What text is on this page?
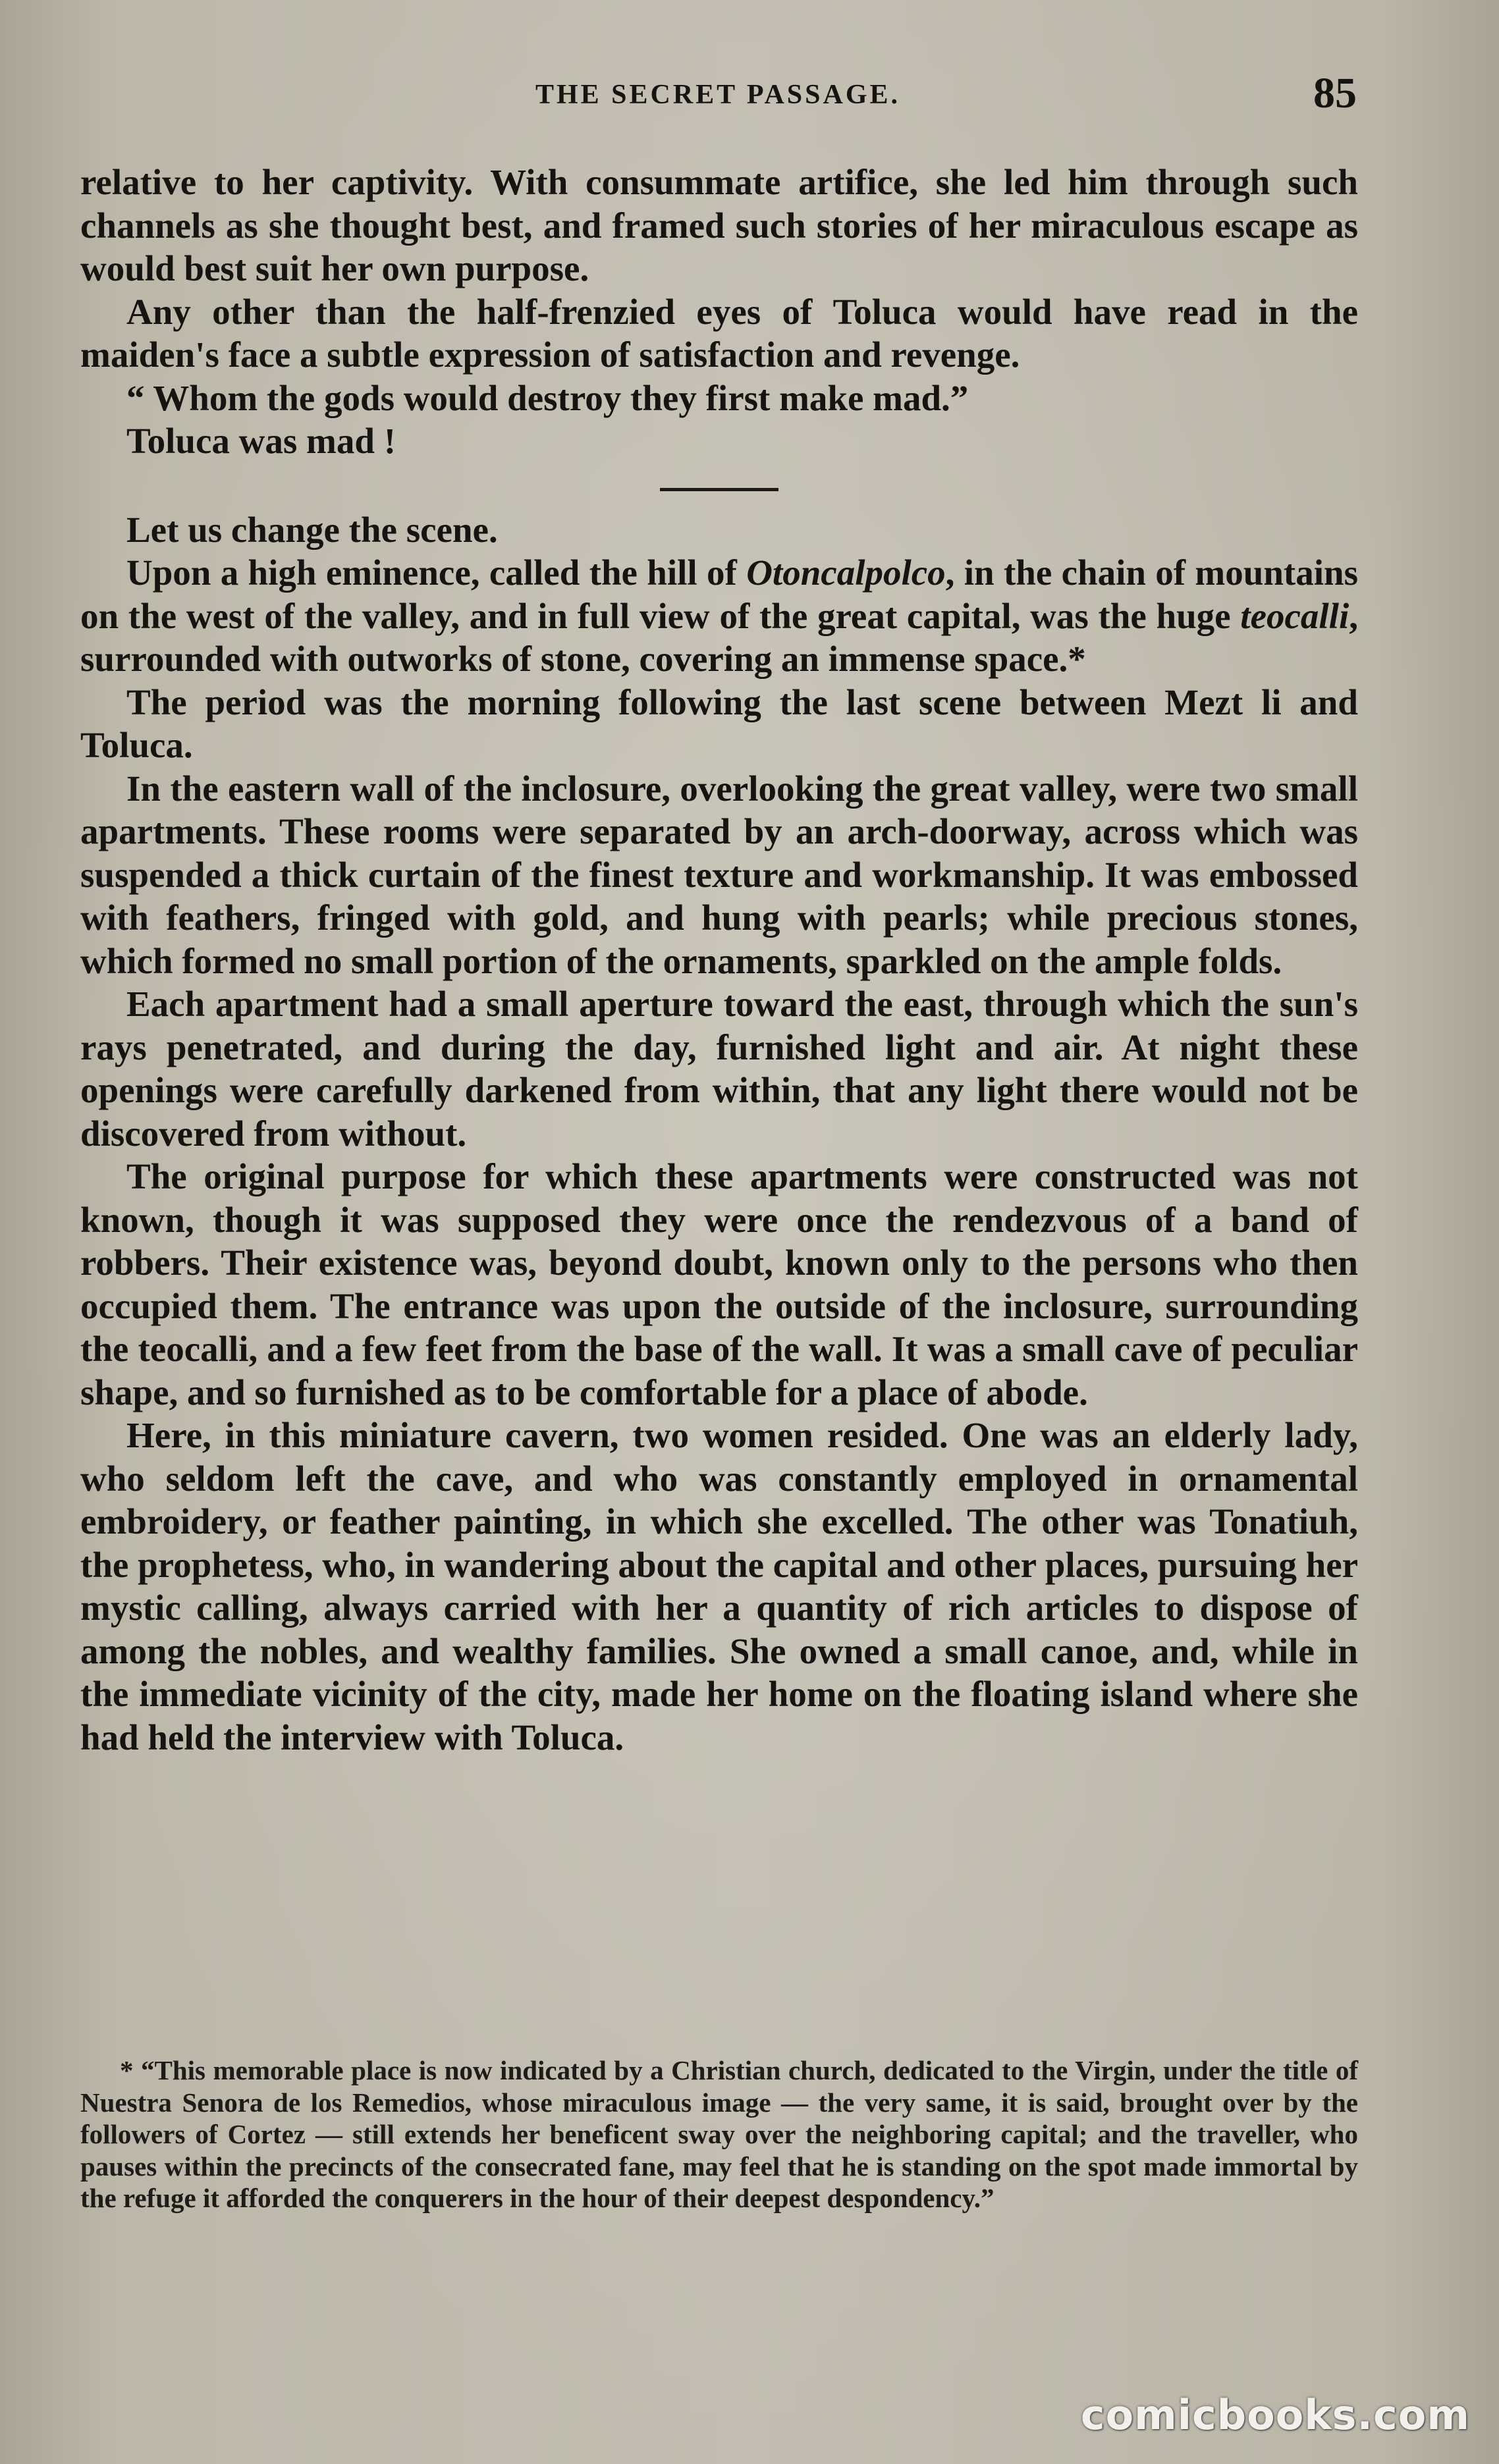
THE SECRET PASSAGE.	85

relative to her captivity. With consummate artifice, she led him through such channels as she thought best, and framed such stories of her miraculous escape as would best suit her own purpose.

Any other than the half-frenzied eyes of Toluca would have read in the maiden's face a subtle expression of satisfaction and revenge.

“ Whom the gods would destroy they first make mad.”

Toluca was mad !

Let us change the scene.

Upon a high eminence, called the hill of Otoncalpolco, in the chain of mountains on the west of the valley, and in full view of the great capital, was the huge teocalli, surrounded with outworks of stone, covering an immense space.*

The period was the morning following the last scene between Mezt li and Toluca.

In the eastern wall of the inclosure, overlooking the great valley, were two small apartments. These rooms were separated by an arch-doorway, across which was suspended a thick curtain of the finest texture and workmanship. It was embossed with feathers, fringed with gold, and hung with pearls; while precious stones, which formed no small portion of the ornaments, sparkled on the ample folds.

Each apartment had a small aperture toward the east, through which the sun's rays penetrated, and during the day, furnished light and air. At night these openings were carefully darkened from within, that any light there would not be discovered from without.

The original purpose for which these apartments were constructed was not known, though it was supposed they were once the rendezvous of a band of robbers. Their existence was, beyond doubt, known only to the persons who then occupied them. The entrance was upon the outside of the inclosure, surrounding the teocalli, and a few feet from the base of the wall. It was a small cave of peculiar shape, and so furnished as to be comfortable for a place of abode.

Here, in this miniature cavern, two women resided. One was an elderly lady, who seldom left the cave, and who was constantly employed in ornamental embroidery, or feather painting, in which she excelled. The other was Tonatiuh, the prophetess, who, in wandering about the capital and other places, pursuing her mystic calling, always carried with her a quantity of rich articles to dispose of among the nobles, and wealthy families. She owned a small canoe, and, while in the immediate vicinity of the city, made her home on the floating island where she had held the interview with Toluca.

* “This memorable place is now indicated by a Christian church, dedicated to the Virgin, under the title of Nuestra Senora de los Remedios, whose miraculous image — the very same, it is said, brought over by the followers of Cortez — still extends her beneficent sway over the neighboring capital; and the traveller, who pauses within the precincts of the consecrated fane, may feel that he is standing on the spot made immortal by the refuge it afforded the conquerers in the hour of their deepest despondency.”

comicbooks.com
